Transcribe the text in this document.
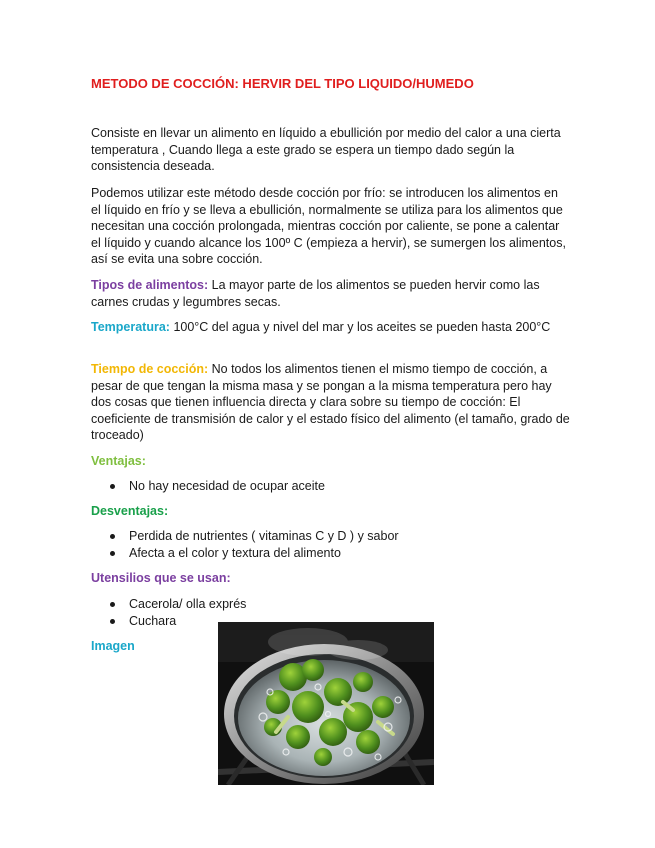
METODO DE COCCIÓN: HERVIR DEL TIPO LIQUIDO/HUMEDO

Consiste en llevar un alimento en líquido a ebullición por medio del calor a una cierta temperatura , Cuando llega a este grado se espera un tiempo dado según la consistencia deseada.

Podemos utilizar este método desde cocción por frío: se introducen los alimentos en el líquido en frío y se lleva a ebullición, normalmente se utiliza para los alimentos que necesitan una cocción prolongada, mientras cocción por caliente, se pone a calentar el líquido y cuando alcance los 100º C (empieza a hervir), se sumergen los alimentos, así se evita una sobre cocción.

Tipos de alimentos: La mayor parte de los alimentos se pueden hervir como las carnes crudas y legumbres secas.

Temperatura: 100°C del agua y nivel del mar y los aceites se pueden hasta 200°C

Tiempo de cocción: No todos los alimentos tienen el mismo tiempo de cocción, a pesar de que tengan la misma masa y se pongan a la misma temperatura pero hay dos cosas que tienen influencia directa y clara sobre su tiempo de cocción: El coeficiente de transmisión de calor y el estado físico del alimento (el tamaño, grado de troceado)

Ventajas:
No hay necesidad de ocupar aceite
Desventajas:
Perdida de nutrientes ( vitaminas C y D ) y sabor
Afecta a el color y textura del alimento
Utensilios que se usan:
Cacerola/ olla exprés
Cuchara
Imagen
